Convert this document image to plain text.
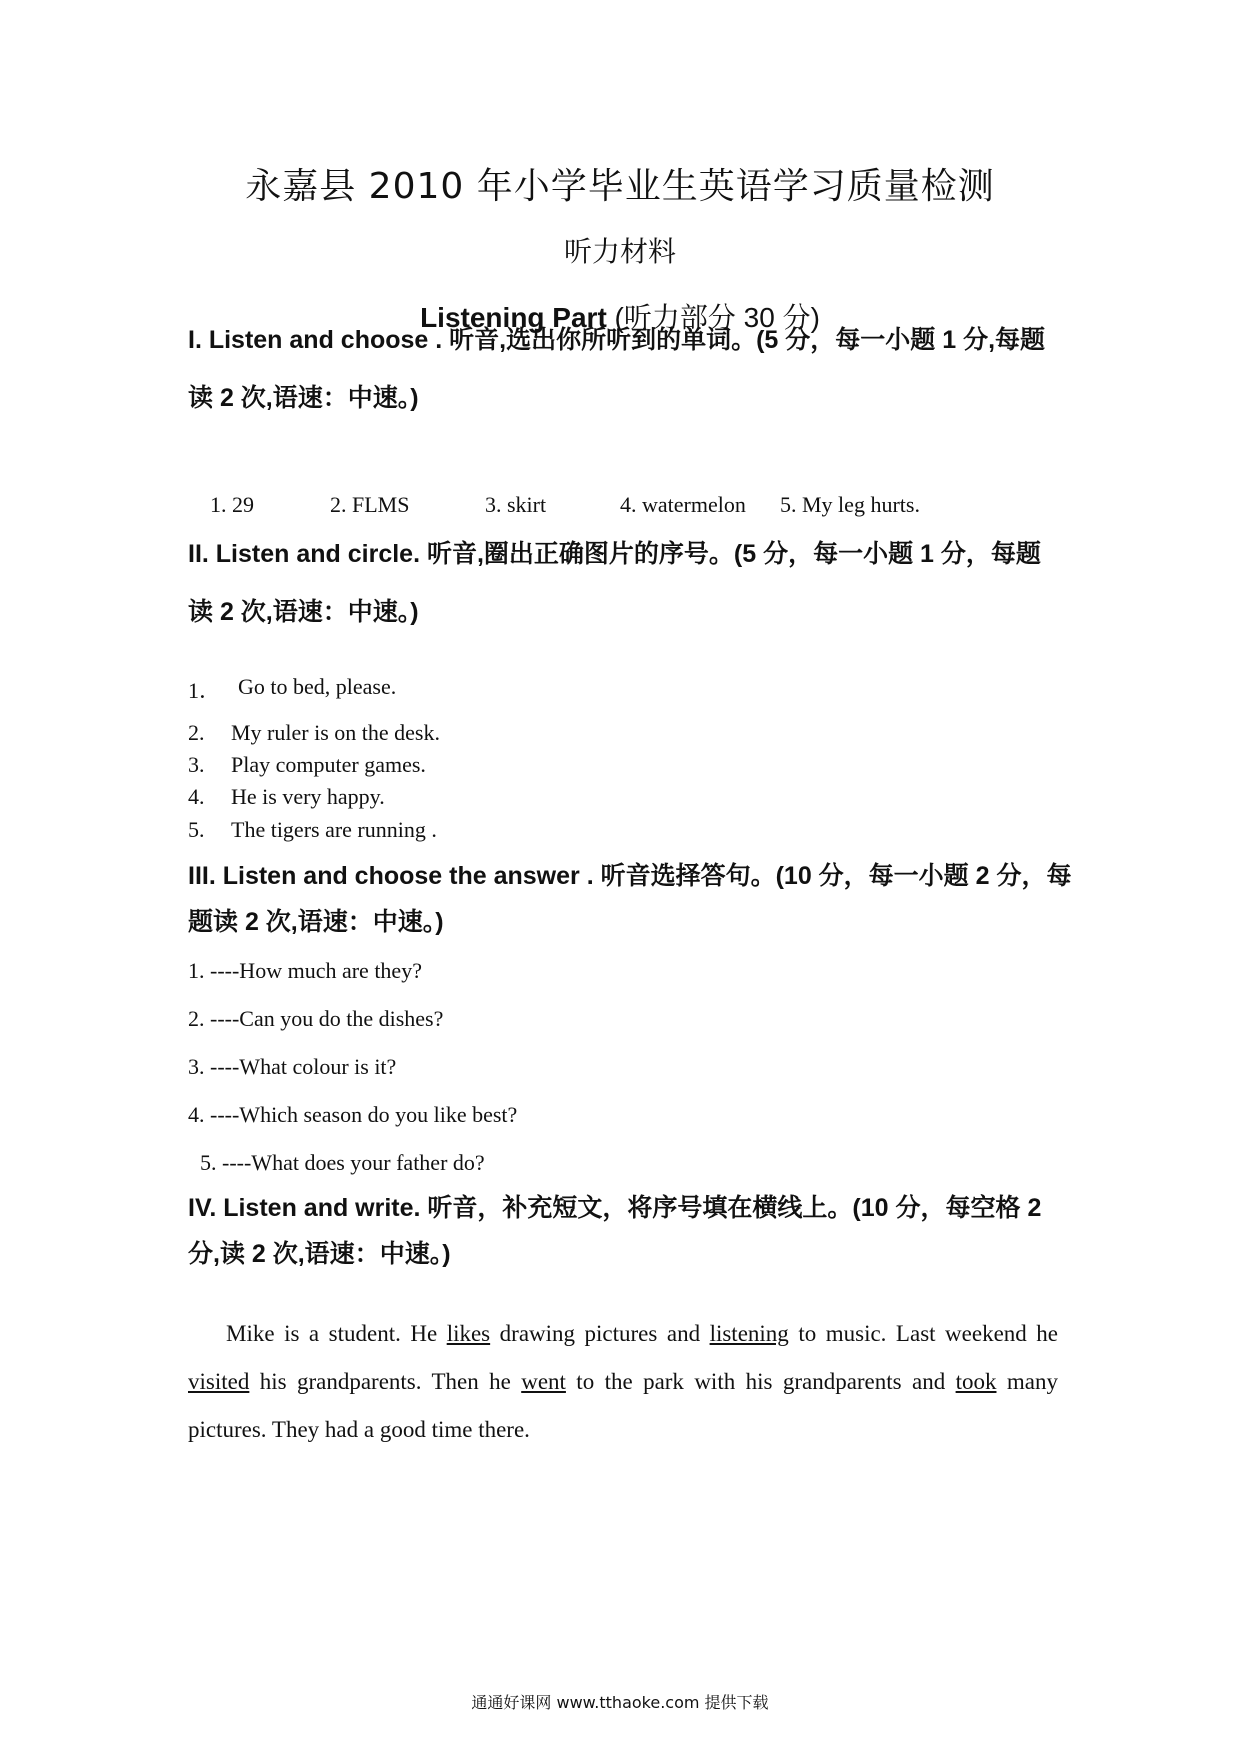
永嘉县 2010 年小学毕业生英语学习质量检测
听力材料
Listening Part (听力部分 30 分)
I. Listen and choose . 听音,选出你所听到的单词。(5 分，每一小题 1 分,每题
读 2 次,语速：中速。)
1. 29	2. FLMS	3. skirt	4. watermelon 5. My leg hurts.
II. Listen and circle. 听音,圈出正确图片的序号。(5 分，每一小题 1 分，每题
读 2 次,语速：中速。)
1． Go to bed, please.
2. My ruler is on the desk.
3. Play computer games.
4. He is very happy.
5. The tigers are running .
III. Listen and choose the answer . 听音选择答句。(10 分，每一小题 2 分，每
题读 2 次,语速：中速。)
1. ----How much are they?
2. ----Can you do the dishes?
3. ----What colour is it?
4. ----Which season do you like best?
5. ----What does your father do?
IV. Listen and write. 听音，补充短文，将序号填在横线上。(10 分，每空格 2
分,读 2 次,语速：中速。)
Mike is a student. He likes drawing pictures and listening to music. Last weekend he visited his grandparents. Then he went to the park with his grandparents and took many pictures. They had a good time there.
通通好课网 www.tthaoke.com 提供下载
